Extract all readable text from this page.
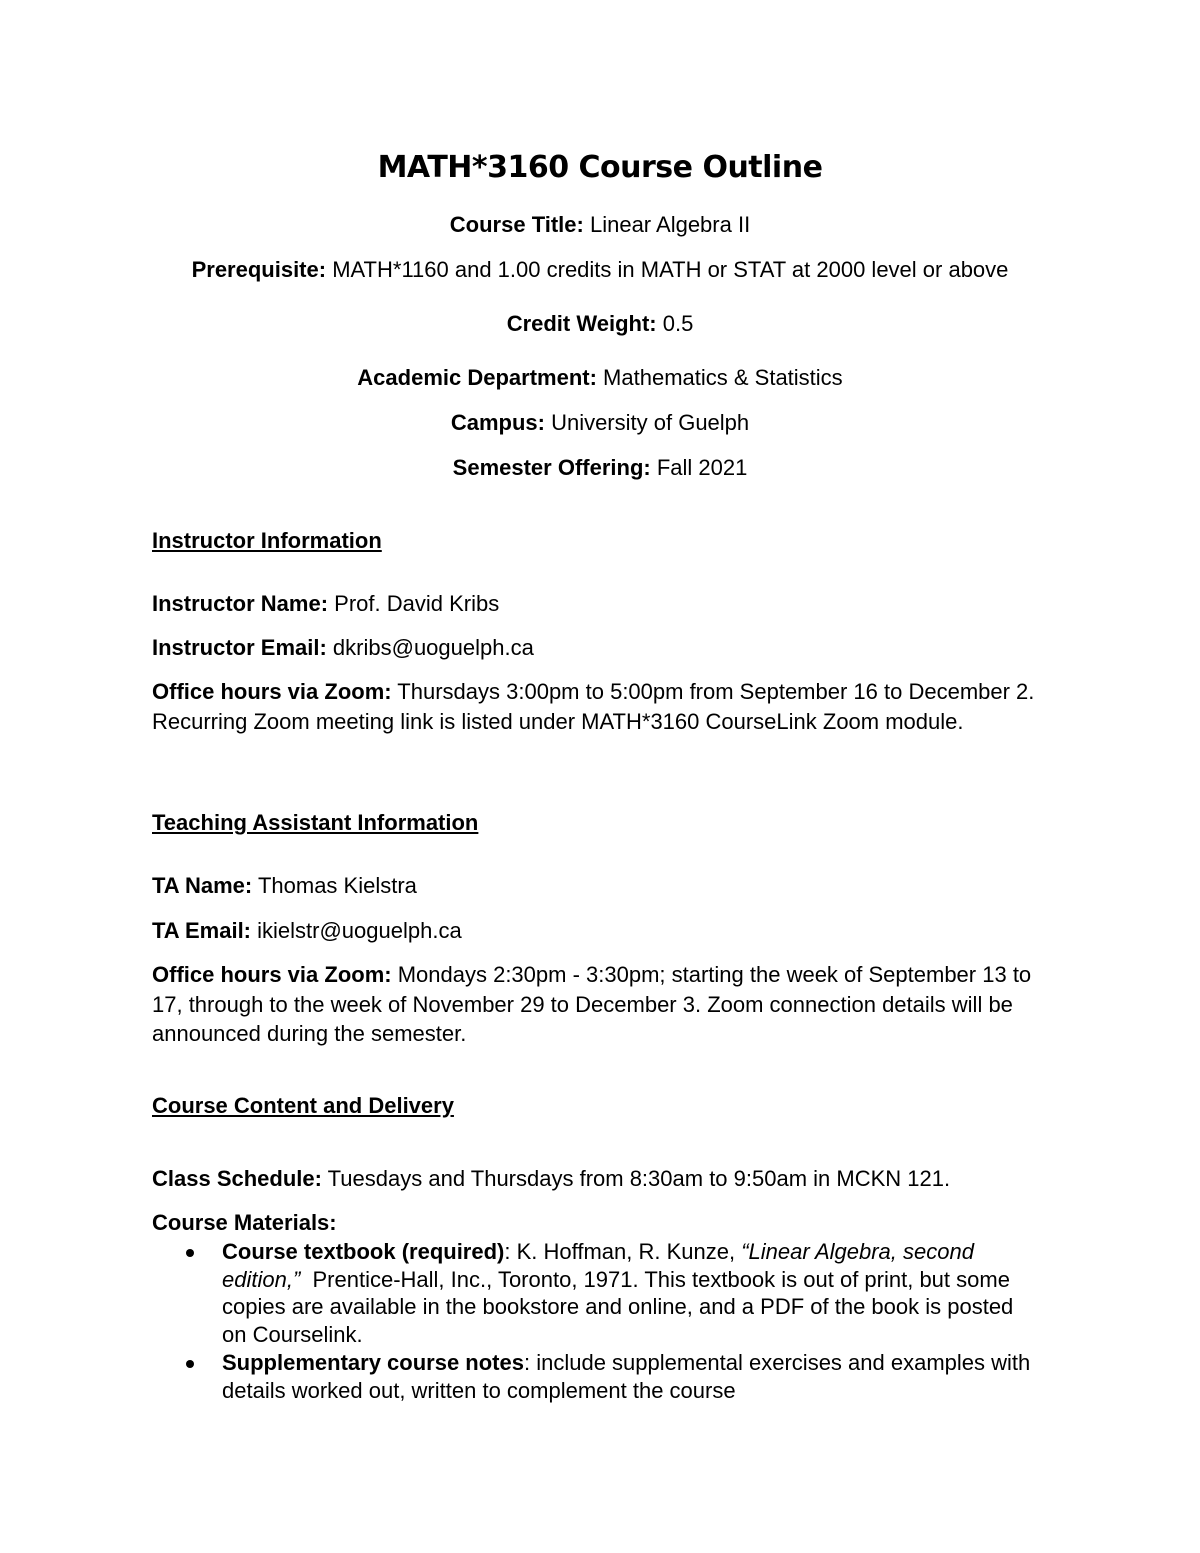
MATH*3160 Course Outline
Course Title: Linear Algebra II
Prerequisite: MATH*1160 and 1.00 credits in MATH or STAT at 2000 level or above
Credit Weight: 0.5
Academic Department: Mathematics & Statistics
Campus: University of Guelph
Semester Offering: Fall 2021
Instructor Information
Instructor Name: Prof. David Kribs
Instructor Email: dkribs@uoguelph.ca
Office hours via Zoom: Thursdays 3:00pm to 5:00pm from September 16 to December 2. Recurring Zoom meeting link is listed under MATH*3160 CourseLink Zoom module.
Teaching Assistant Information
TA Name: Thomas Kielstra
TA Email: ikielstr@uoguelph.ca
Office hours via Zoom: Mondays 2:30pm - 3:30pm; starting the week of September 13 to 17, through to the week of November 29 to December 3. Zoom connection details will be announced during the semester.
Course Content and Delivery
Class Schedule: Tuesdays and Thursdays from 8:30am to 9:50am in MCKN 121.
Course Materials:
Course textbook (required): K. Hoffman, R. Kunze, “Linear Algebra, second edition,”  Prentice-Hall, Inc., Toronto, 1971. This textbook is out of print, but some copies are available in the bookstore and online, and a PDF of the book is posted on Courselink.
Supplementary course notes: include supplemental exercises and examples with details worked out, written to complement the course
